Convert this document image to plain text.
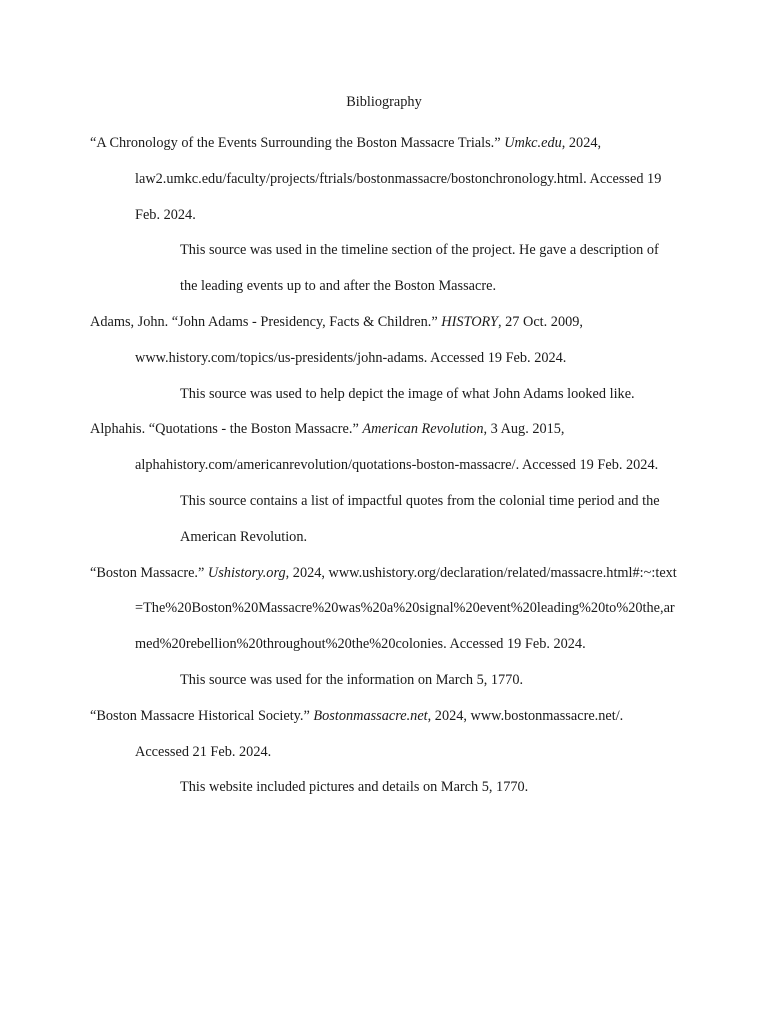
Bibliography

“A Chronology of the Events Surrounding the Boston Massacre Trials.” Umkc.edu, 2024, law2.umkc.edu/faculty/projects/ftrials/bostonmassacre/bostonchronology.html. Accessed 19 Feb. 2024.

This source was used in the timeline section of the project. He gave a description of the leading events up to and after the Boston Massacre.

Adams, John. “John Adams - Presidency, Facts & Children.” HISTORY, 27 Oct. 2009, www.history.com/topics/us-presidents/john-adams. Accessed 19 Feb. 2024.

This source was used to help depict the image of what John Adams looked like.

Alphahis. “Quotations - the Boston Massacre.” American Revolution, 3 Aug. 2015, alphahistory.com/americanrevolution/quotations-boston-massacre/. Accessed 19 Feb. 2024.

This source contains a list of impactful quotes from the colonial time period and the American Revolution.

“Boston Massacre.” Ushistory.org, 2024, www.ushistory.org/declaration/related/massacre.html#:~:text=The%20Boston%20Massacre%20was%20a%20signal%20event%20leading%20to%20the,armed%20rebellion%20throughout%20the%20colonies. Accessed 19 Feb. 2024.

This source was used for the information on March 5, 1770.

“Boston Massacre Historical Society.” Bostonmassacre.net, 2024, www.bostonmassacre.net/. Accessed 21 Feb. 2024.

This website included pictures and details on March 5, 1770.
